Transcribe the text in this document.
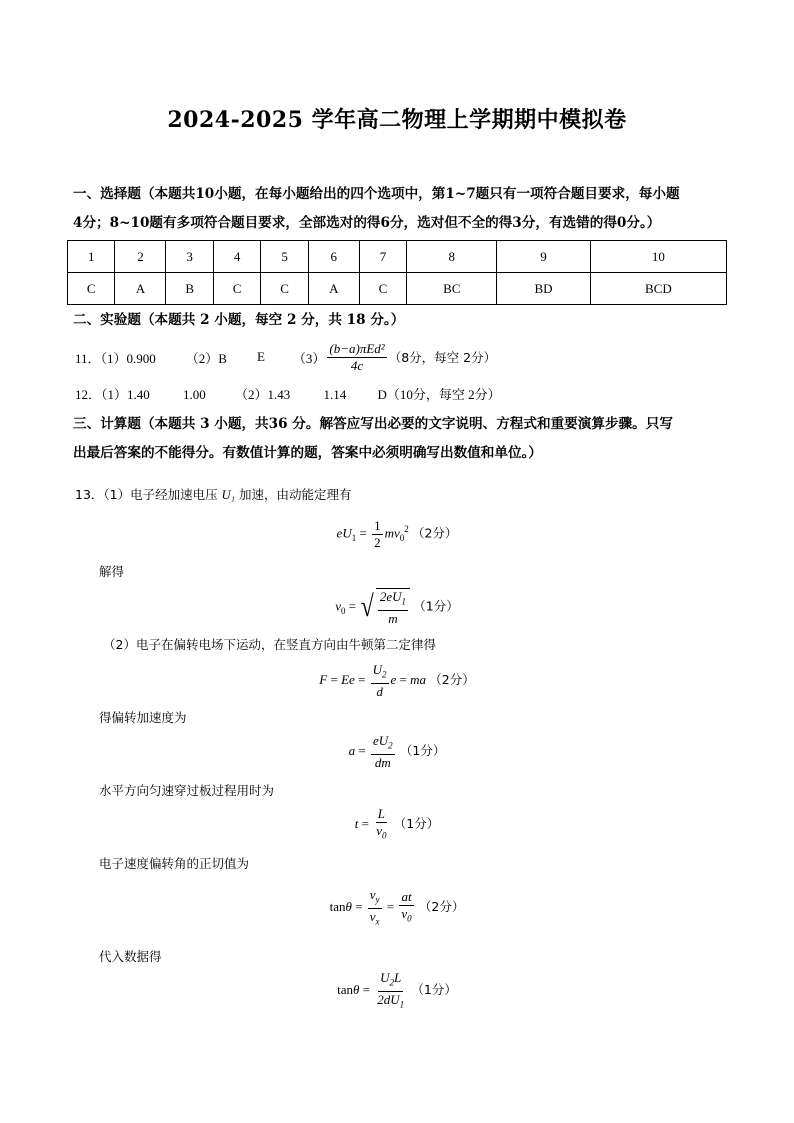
2024-2025 学年高二物理上学期期中模拟卷
一、选择题（本题共10小题，在每小题给出的四个选项中，第1~7题只有一项符合题目要求，每小题
4分；8~10题有多项符合题目要求，全部选对的得6分，选对但不全的得3分，有选错的得0分。）
1	2	3	4	5	6	7	8	9	10
C	A	B	C	C	A	C	BC	BD	BCD
二、实验题（本题共 2 小题，每空 2 分，共 18 分。）
11．（1）0.900 （2）B E $(3) \frac{\text{(b−a)πEd²}}{4c} (8$分，每空 2分）
12．（1）1.40	1.00 （2）1.43	1.14 D（10分，每空 2分）
三、计算题（本题共 3 小题，共36 分。解答应写出必要的文字说明、方程式和重要演算步骤。只写
出最后答案的不能得分。有数值计算的题，答案中必须明确写出数值和单位。）
13．（1）电子经加速电压 U₁ 加速，由动能定理有
$eU_1 = \frac{1}{2} mv_0^2$ （2分）
解得
$v_0$ = √ $\frac{2eU_1}{m} (1$分）
（2）电子在偏转电场下运动，在竖直方向由牛顿第二定律得
$F = Ee = \frac{U_2}{d}$ e = ma （2分）
得偏转加速度为
$a = \frac{eU_2}{dm} (1$分）
水平方向匀速穿过板过程用时为
$t = \frac{L}{v_0} (1$分）
电子速度偏转角的正切值为
$\tan\theta = \frac{v_y}{v_x} = \frac{at}{v_0} (2$分）
代入数据得
$\tan\theta = \frac{U_2L}{2dU_1} (1$分）
